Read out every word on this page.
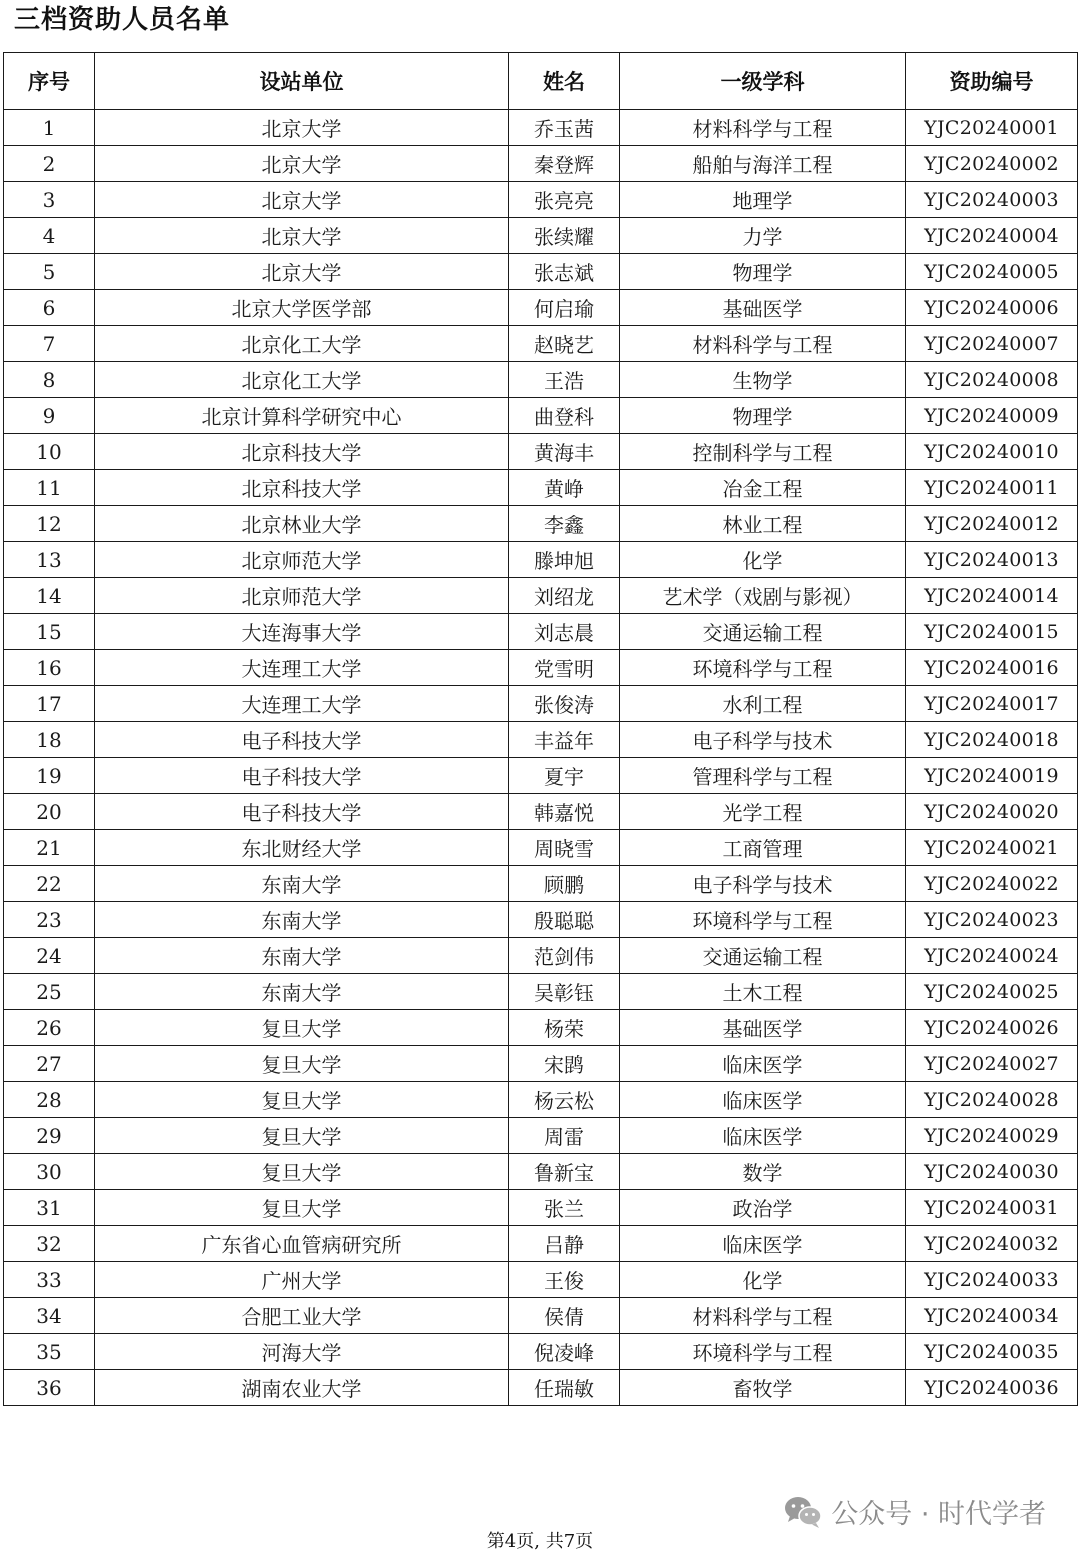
三档资助人员名单
序号	设站单位	姓名	一级学科	资助编号
1	北京大学	乔玉茜	材料科学与工程	YJC20240001
2	北京大学	秦登辉	船舶与海洋工程	YJC20240002
3	北京大学	张亮亮	地理学	YJC20240003
4	北京大学	张续耀	力学	YJC20240004
5	北京大学	张志斌	物理学	YJC20240005
6	北京大学医学部	何启瑜	基础医学	YJC20240006
7	北京化工大学	赵晓艺	材料科学与工程	YJC20240007
8	北京化工大学	王浩	生物学	YJC20240008
9	北京计算科学研究中心	曲登科	物理学	YJC20240009
10	北京科技大学	黄海丰	控制科学与工程	YJC20240010
11	北京科技大学	黄峥	冶金工程	YJC20240011
12	北京林业大学	李鑫	林业工程	YJC20240012
13	北京师范大学	滕坤旭	化学	YJC20240013
14	北京师范大学	刘绍龙	艺术学（戏剧与影视）	YJC20240014
15	大连海事大学	刘志晨	交通运输工程	YJC20240015
16	大连理工大学	党雪明	环境科学与工程	YJC20240016
17	大连理工大学	张俊涛	水利工程	YJC20240017
18	电子科技大学	丰益年	电子科学与技术	YJC20240018
19	电子科技大学	夏宇	管理科学与工程	YJC20240019
20	电子科技大学	韩嘉悦	光学工程	YJC20240020
21	东北财经大学	周晓雪	工商管理	YJC20240021
22	东南大学	顾鹏	电子科学与技术	YJC20240022
23	东南大学	殷聪聪	环境科学与工程	YJC20240023
24	东南大学	范剑伟	交通运输工程	YJC20240024
25	东南大学	吴彰钰	土木工程	YJC20240025
26	复旦大学	杨荣	基础医学	YJC20240026
27	复旦大学	宋鹍	临床医学	YJC20240027
28	复旦大学	杨云松	临床医学	YJC20240028
29	复旦大学	周雷	临床医学	YJC20240029
30	复旦大学	鲁新宝	数学	YJC20240030
31	复旦大学	张兰	政治学	YJC20240031
32	广东省心血管病研究所	吕静	临床医学	YJC20240032
33	广州大学	王俊	化学	YJC20240033
34	合肥工业大学	侯倩	材料科学与工程	YJC20240034
35	河海大学	倪凌峰	环境科学与工程	YJC20240035
36	湖南农业大学	任瑞敏	畜牧学	YJC20240036
公众号 · 时代学者
第4页, 共7页
